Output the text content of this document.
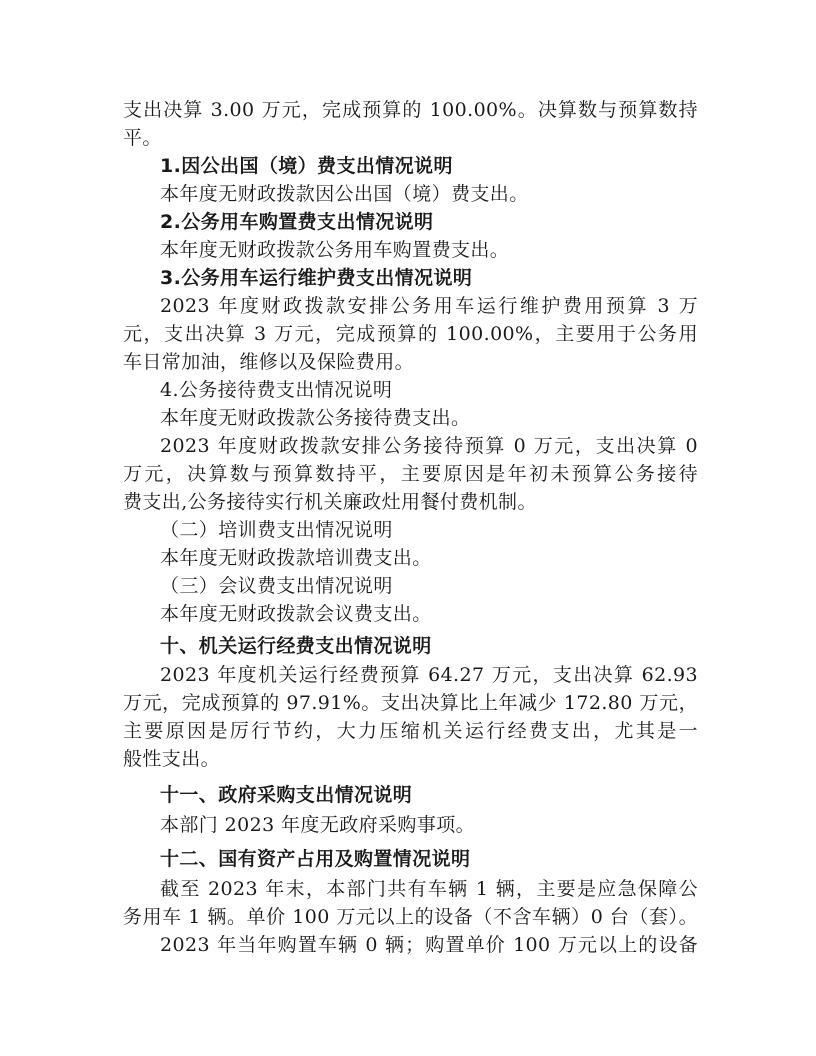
支出决算 3.00 万元，完成预算的 100.00%。决算数与预算数持
平。
1.因公出国（境）费支出情况说明
本年度无财政拨款因公出国（境）费支出。
2.公务用车购置费支出情况说明
本年度无财政拨款公务用车购置费支出。
3.公务用车运行维护费支出情况说明
2023 年度财政拨款安排公务用车运行维护费用预算 3 万
元，支出决算 3 万元，完成预算的 100.00%，主要用于公务用
车日常加油，维修以及保险费用。
4.公务接待费支出情况说明
本年度无财政拨款公务接待费支出。
2023 年度财政拨款安排公务接待预算 0 万元，支出决算 0
万元，决算数与预算数持平，主要原因是年初未预算公务接待
费支出,公务接待实行机关廉政灶用餐付费机制。
（二）培训费支出情况说明
本年度无财政拨款培训费支出。
（三）会议费支出情况说明
本年度无财政拨款会议费支出。
十、机关运行经费支出情况说明
2023 年度机关运行经费预算 64.27 万元，支出决算 62.93
万元，完成预算的 97.91%。支出决算比上年减少 172.80 万元，
主要原因是厉行节约，大力压缩机关运行经费支出，尤其是一
般性支出。
十一、政府采购支出情况说明
本部门 2023 年度无政府采购事项。
十二、国有资产占用及购置情况说明
截至 2023 年末，本部门共有车辆 1 辆，主要是应急保障公
务用车 1 辆。单价 100 万元以上的设备（不含车辆）0 台（套）。
2023 年当年购置车辆 0 辆；购置单价 100 万元以上的设备
